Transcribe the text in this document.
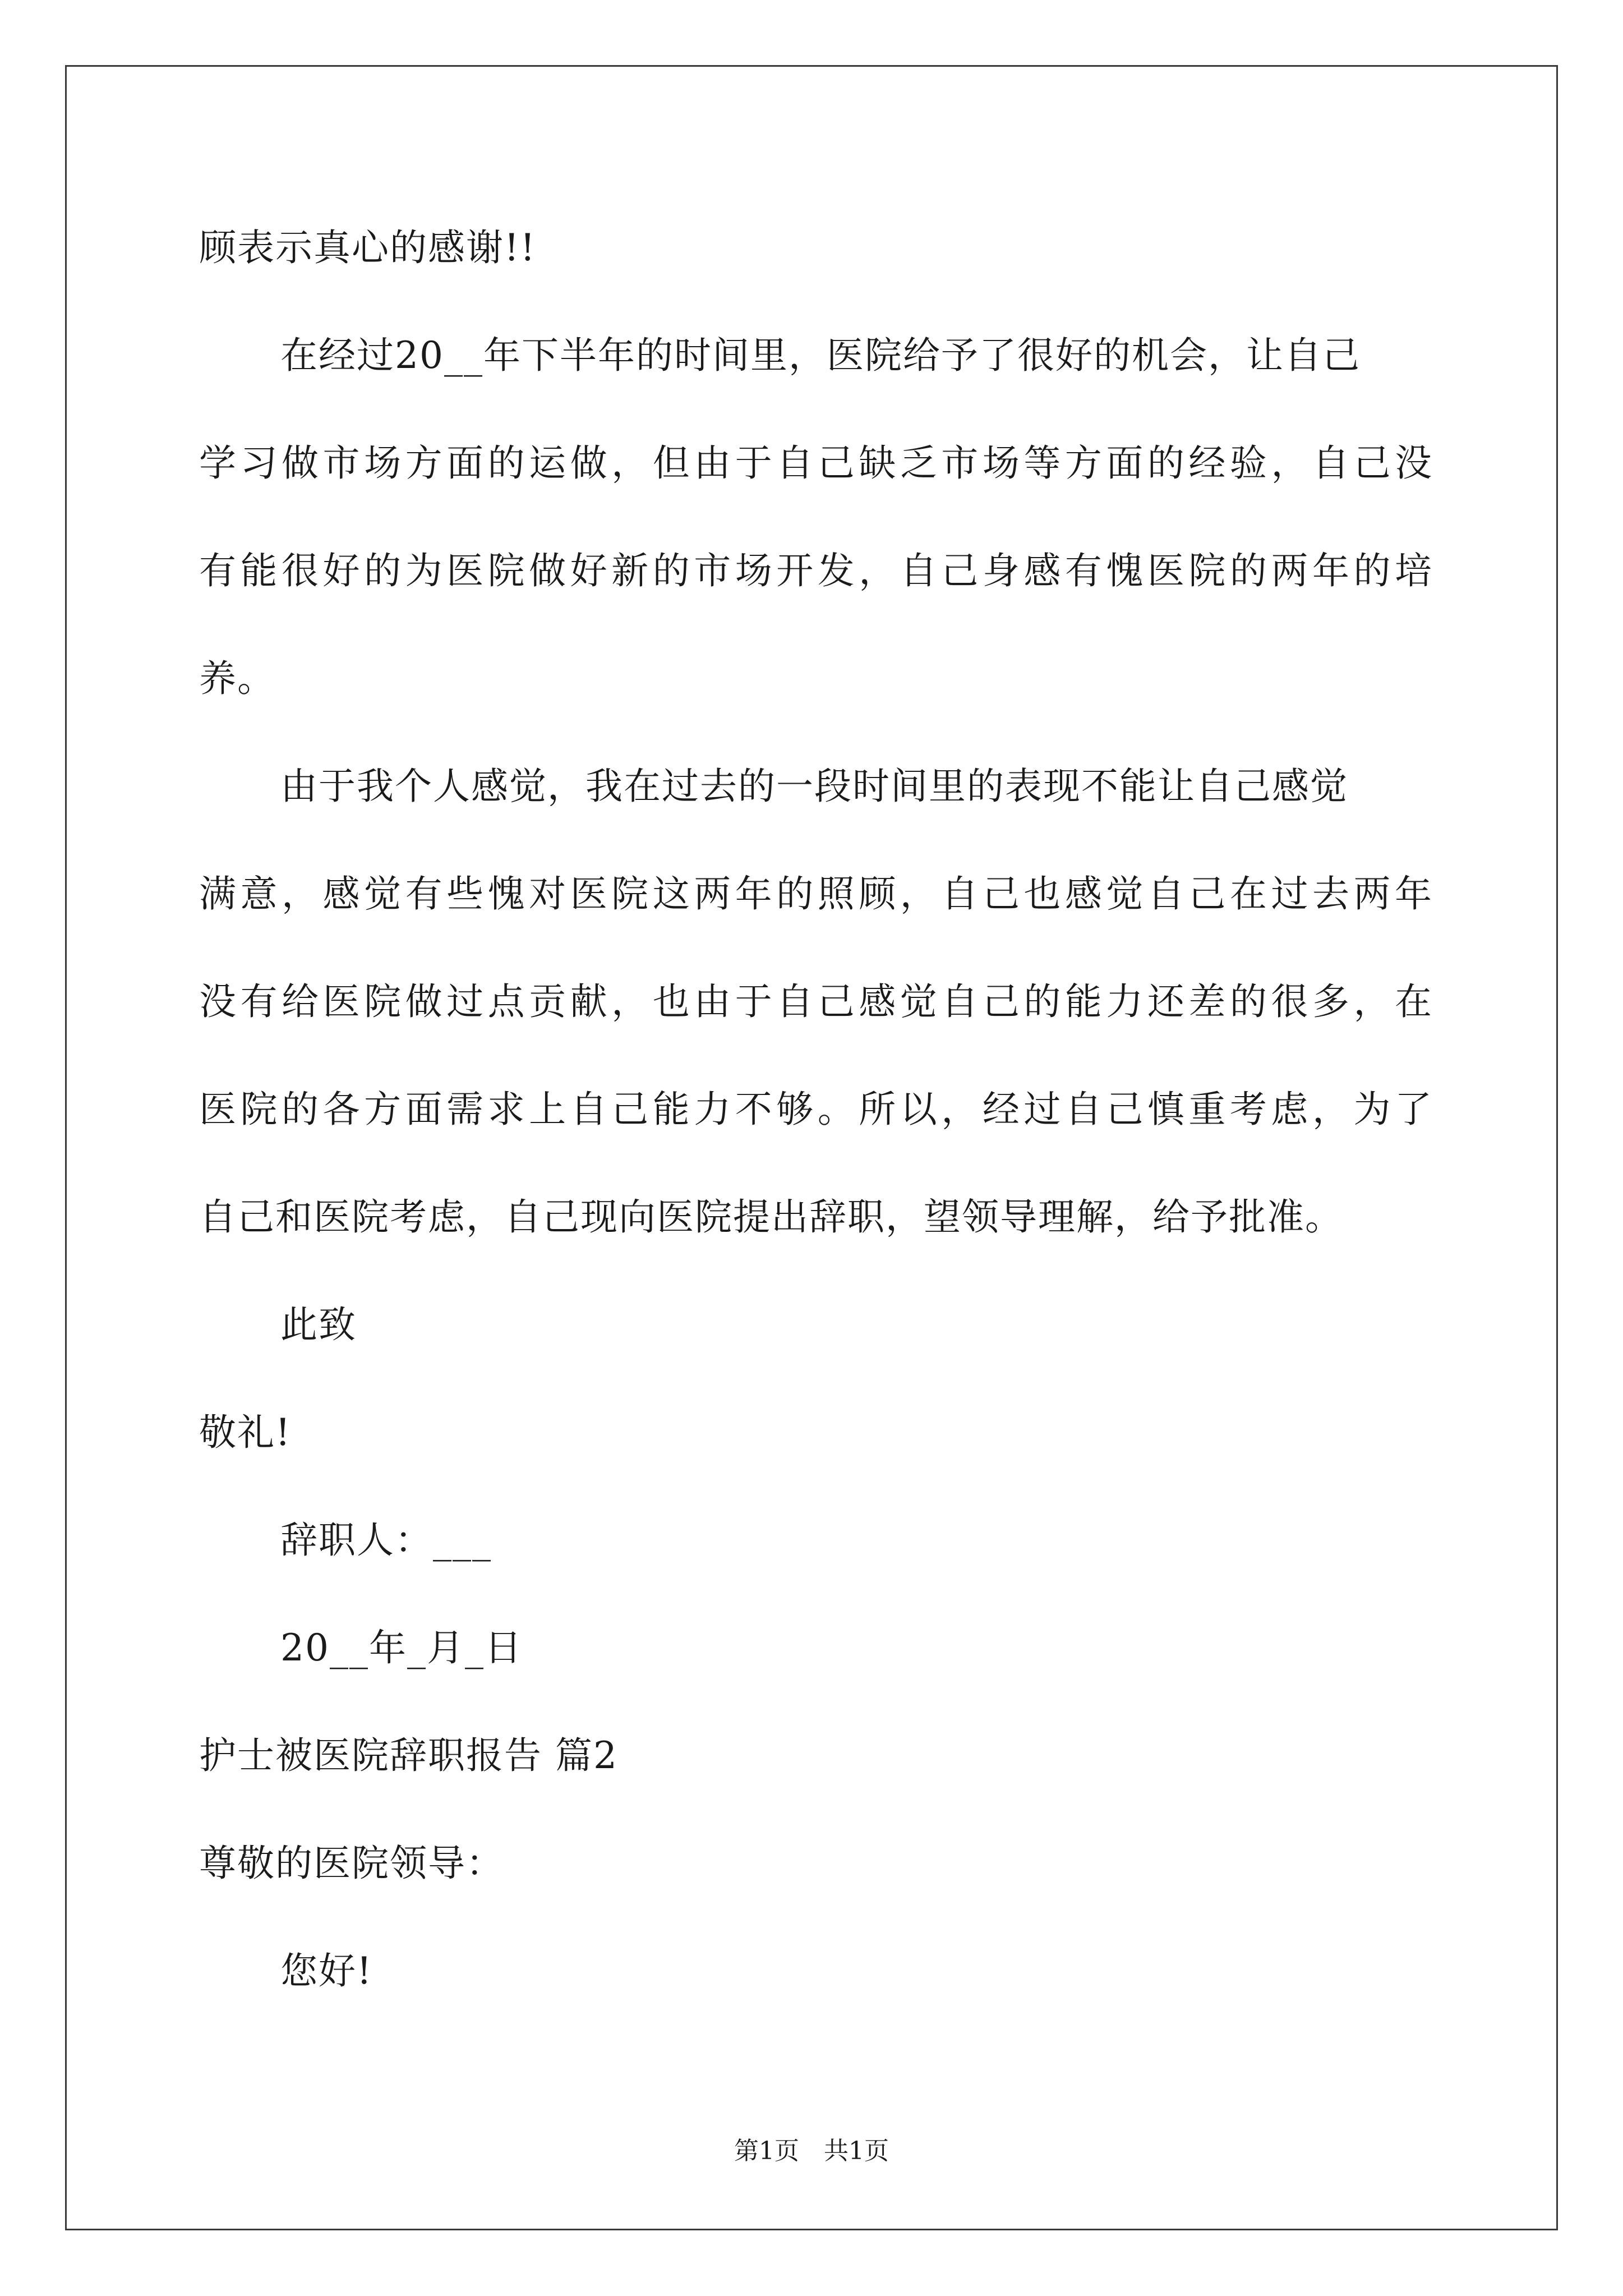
顾表示真心的感谢!!
在经过20__年下半年的时间里，医院给予了很好的机会，让自己
学习做市场方面的运做，但由于自己缺乏市场等方面的经验，自己没
有能很好的为医院做好新的市场开发，自己身感有愧医院的两年的培
养。
由于我个人感觉，我在过去的一段时间里的表现不能让自己感觉
满意，感觉有些愧对医院这两年的照顾，自己也感觉自己在过去两年
没有给医院做过点贡献，也由于自己感觉自己的能力还差的很多，在
医院的各方面需求上自己能力不够。所以，经过自己慎重考虑，为了
自己和医院考虑，自己现向医院提出辞职，望领导理解，给予批准。
此致
敬礼!
辞职人：___
20__年_月_日
护士被医院辞职报告 篇2
尊敬的医院领导：
您好!
第1页　共1页
